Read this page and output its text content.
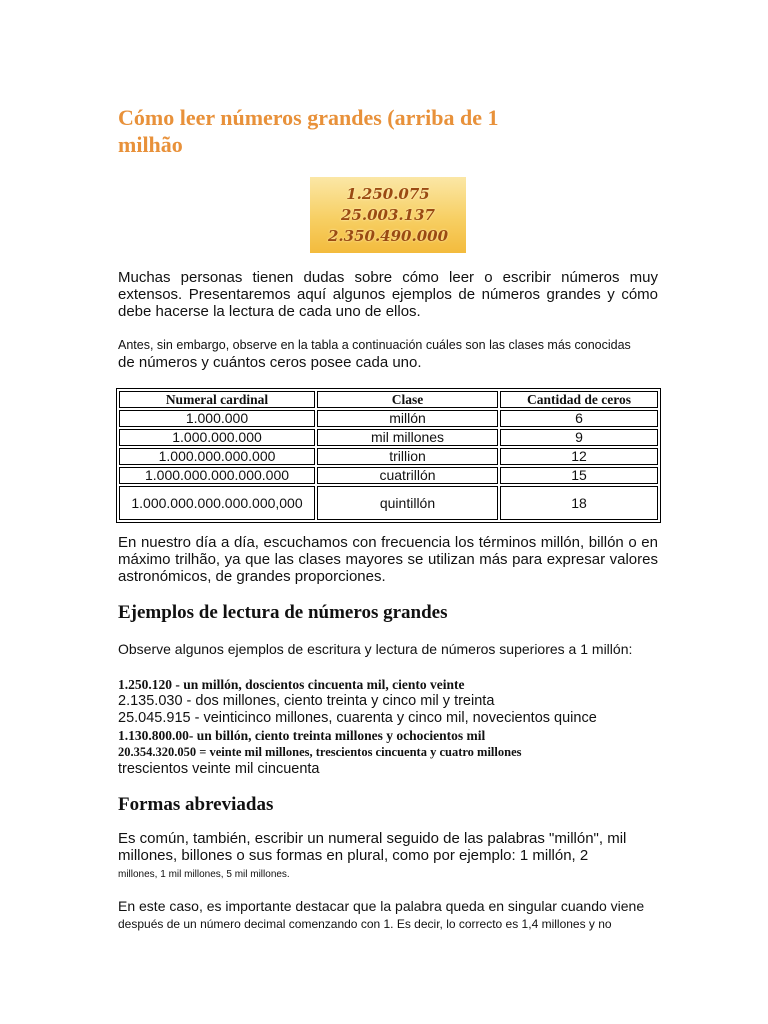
Cómo leer números grandes (arriba de 1 milhão
1.250.075
25.003.137
2.350.490.000

Muchas personas tienen dudas sobre cómo leer o escribir números muy extensos. Presentaremos aquí algunos ejemplos de números grandes y cómo debe hacerse la lectura de cada uno de ellos.

Antes, sin embargo, observe en la tabla a continuación cuáles son las clases más conocidas
de números y cuántos ceros posee cada uno.

Numeral cardinal	Clase	Cantidad de ceros
1.000.000	millón	6
1.000.000.000	mil millones	9
1.000.000.000.000	trillion	12
1.000.000.000.000.000	cuatrillón	15
1.000.000.000.000.000,000	quintillón	18

En nuestro día a día, escuchamos con frecuencia los términos millón, billón o en máximo trilhão, ya que las clases mayores se utilizan más para expresar valores astronómicos, de grandes proporciones.

Ejemplos de lectura de números grandes

Observe algunos ejemplos de escritura y lectura de números superiores a 1 millón:

1.250.120 - un millón, doscientos cincuenta mil, ciento veinte
2.135.030 - dos millones, ciento treinta y cinco mil y treinta
25.045.915 - veinticinco millones, cuarenta y cinco mil, novecientos quince
1.130.800.00- un billón, ciento treinta millones y ochocientos mil
20.354.320.050 = veinte mil millones, trescientos cincuenta y cuatro millones
trescientos veinte mil cincuenta
Formas abreviadas

Es común, también, escribir un numeral seguido de las palabras "millón", mil millones, billones o sus formas en plural, como por ejemplo: 1 millón, 2
millones, 1 mil millones, 5 mil millones.

En este caso, es importante destacar que la palabra queda en singular cuando viene
después de un número decimal comenzando con 1. Es decir, lo correcto es 1,4 millones y no
